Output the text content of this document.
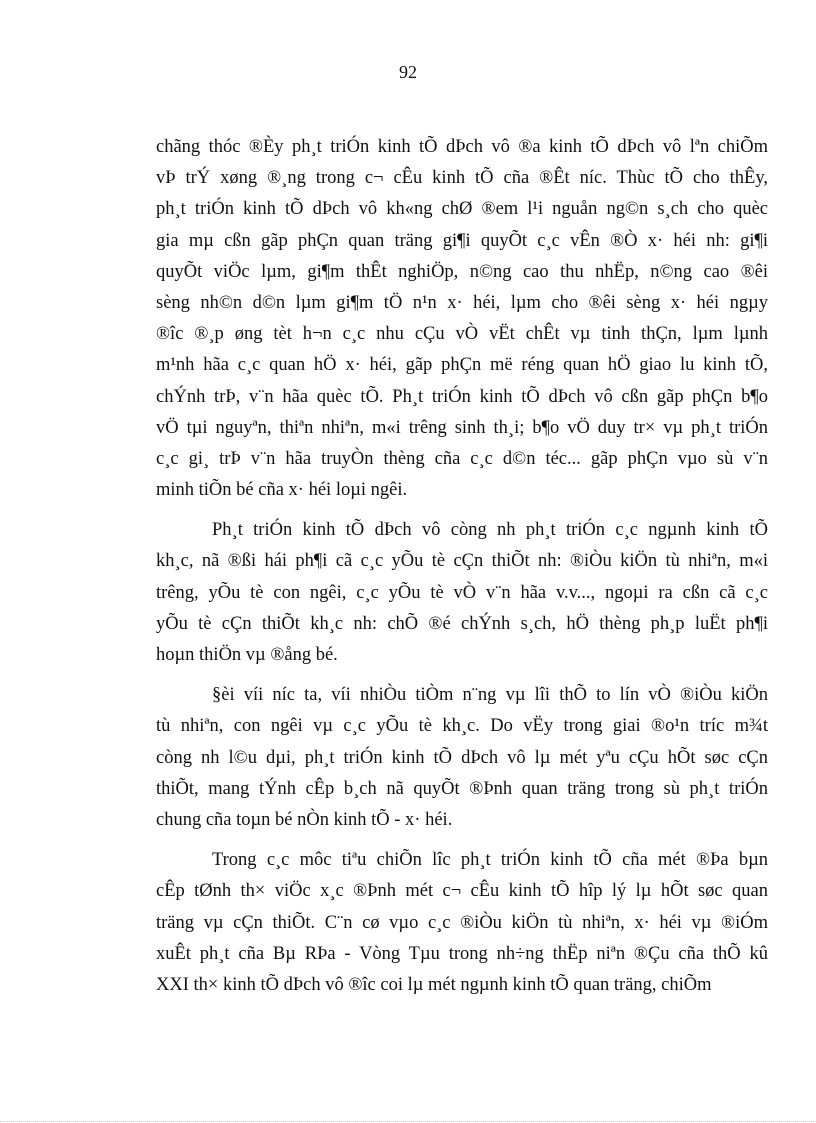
92
chãng thóc ®Èy ph¸t triÓn kinh tÕ dÞch vô ®a kinh tÕ dÞch vô lªn chiÕm
vÞ trÝ xøng ®¸ng trong c¬ cÊu kinh tÕ cña ®Êt níc. Thùc tÕ cho thÊy,
ph¸t triÓn kinh tÕ dÞch vô kh«ng chØ ®em l¹i nguån ng©n s¸ch cho quèc
gia mµ cßn gãp phÇn quan träng gi¶i quyÕt c¸c vÊn ®Ò x· héi nh: gi¶i
quyÕt viÖc lµm, gi¶m thÊt nghiÖp, n©ng cao thu nhËp, n©ng cao ®êi
sèng nh©n d©n lµm gi¶m tÖ n¹n x· héi, lµm cho ®êi sèng x· héi ngµy
®îc ®¸p øng tèt h¬n c¸c nhu cÇu vÒ vËt chÊt vµ tinh thÇn, lµm lµnh
m¹nh hãa c¸c quan hÖ x· héi, gãp phÇn më réng quan hÖ giao lu kinh tÕ,
chÝnh trÞ, v¨n hãa quèc tÕ. Ph¸t triÓn kinh tÕ dÞch vô cßn gãp phÇn b¶o
vÖ tµi nguyªn, thiªn nhiªn, m«i trêng sinh th¸i; b¶o vÖ duy tr× vµ ph¸t triÓn
c¸c gi¸ trÞ v¨n hãa truyÒn thèng cña c¸c d©n téc... gãp phÇn vµo sù v¨n
minh tiÕn bé cña x· héi loµi ngêi.
Ph¸t triÓn kinh tÕ dÞch vô còng nh ph¸t triÓn c¸c ngµnh kinh tÕ
kh¸c, nã ®ßi hái ph¶i cã c¸c yÕu tè cÇn thiÕt nh: ®iÒu kiÖn tù nhiªn, m«i
trêng, yÕu tè con ngêi, c¸c yÕu tè vÒ v¨n hãa v.v..., ngoµi ra cßn cã c¸c
yÕu tè cÇn thiÕt kh¸c nh: chÕ ®é chÝnh s¸ch, hÖ thèng ph¸p luËt ph¶i
hoµn thiÖn vµ ®ång bé.
§èi víi níc ta, víi nhiÒu tiÒm n¨ng vµ lîi thÕ to lín vÒ ®iÒu kiÖn
tù nhiªn, con ngêi vµ c¸c yÕu tè kh¸c. Do vËy trong giai ®o¹n tríc m¾t
còng nh l©u dµi, ph¸t triÓn kinh tÕ dÞch vô lµ mét yªu cÇu hÕt søc cÇn
thiÕt, mang tÝnh cÊp b¸ch nã quyÕt ®Þnh quan träng trong sù ph¸t triÓn
chung cña toµn bé nÒn kinh tÕ - x· héi.
Trong c¸c môc tiªu chiÕn lîc ph¸t triÓn kinh tÕ cña mét ®Þa bµn
cÊp tØnh th× viÖc x¸c ®Þnh mét c¬ cÊu kinh tÕ hîp lý lµ hÕt søc quan
träng vµ cÇn thiÕt. C¨n cø vµo c¸c ®iÒu kiÖn tù nhiªn, x· héi vµ ®iÓm
xuÊt ph¸t cña Bµ RÞa - Vòng Tµu trong nh÷ng thËp niªn ®Çu cña thÕ kû
XXI th× kinh tÕ dÞch vô ®îc coi lµ mét ngµnh kinh tÕ quan träng, chiÕm
